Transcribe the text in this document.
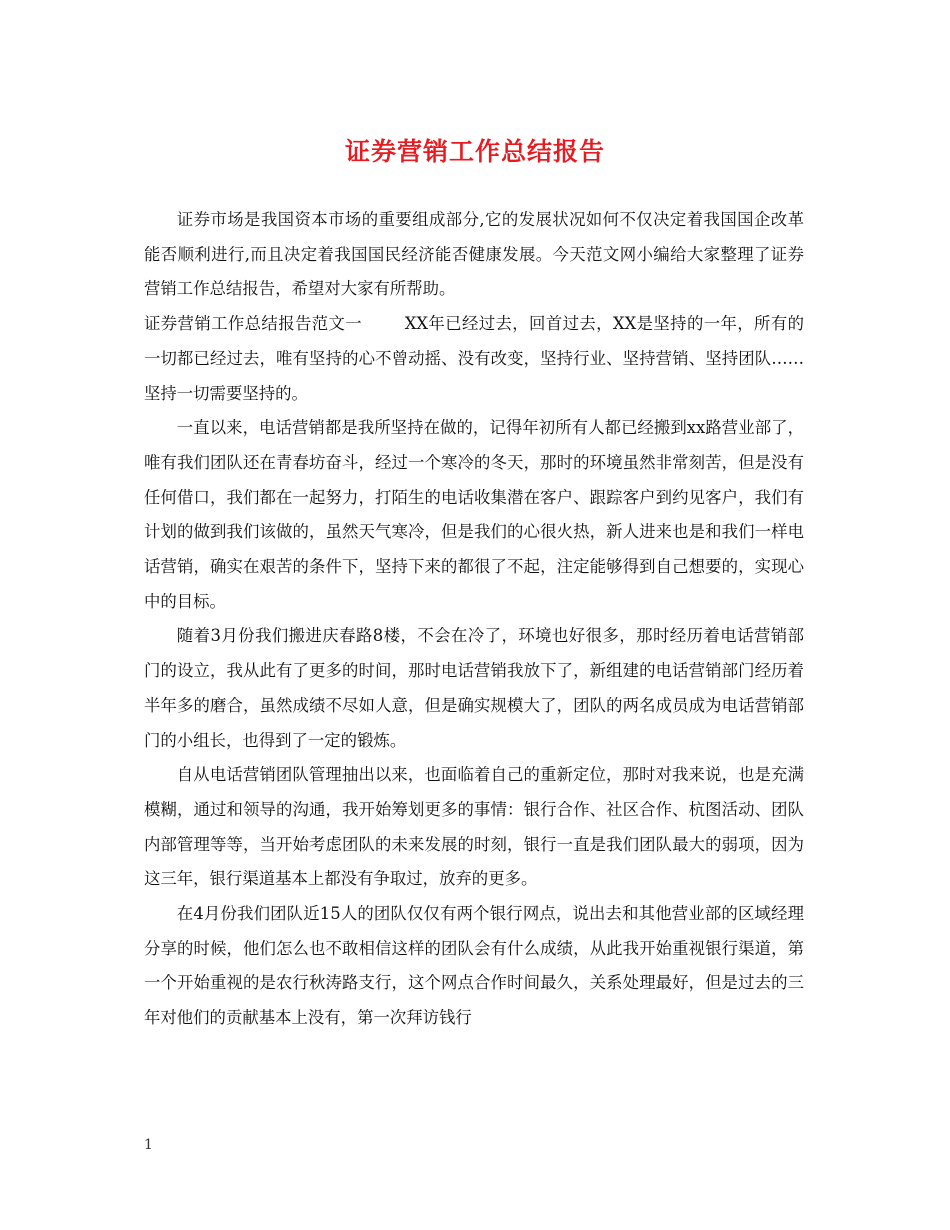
证券营销工作总结报告

证券市场是我国资本市场的重要组成部分,它的发展状况如何不仅决定着我国国企改革能否顺利进行,而且决定着我国国民经济能否健康发展。今天范文网小编给大家整理了证券营销工作总结报告，希望对大家有所帮助。

证券营销工作总结报告范文一	XX年已经过去，回首过去，XX是坚持的一年，所有的一切都已经过去，唯有坚持的心不曾动摇、没有改变，坚持行业、坚持营销、坚持团队……坚持一切需要坚持的。

一直以来，电话营销都是我所坚持在做的，记得年初所有人都已经搬到xx路营业部了，唯有我们团队还在青春坊奋斗，经过一个寒冷的冬天，那时的环境虽然非常刻苦，但是没有任何借口，我们都在一起努力，打陌生的电话收集潜在客户、跟踪客户到约见客户，我们有计划的做到我们该做的，虽然天气寒冷，但是我们的心很火热，新人进来也是和我们一样电话营销，确实在艰苦的条件下，坚持下来的都很了不起，注定能够得到自己想要的，实现心中的目标。

随着3月份我们搬进庆春路8楼，不会在冷了，环境也好很多，那时经历着电话营销部门的设立，我从此有了更多的时间，那时电话营销我放下了，新组建的电话营销部门经历着半年多的磨合，虽然成绩不尽如人意，但是确实规模大了，团队的两名成员成为电话营销部门的小组长，也得到了一定的锻炼。

自从电话营销团队管理抽出以来，也面临着自己的重新定位，那时对我来说，也是充满模糊，通过和领导的沟通，我开始筹划更多的事情：银行合作、社区合作、杭图活动、团队内部管理等等，当开始考虑团队的未来发展的时刻，银行一直是我们团队最大的弱项，因为这三年，银行渠道基本上都没有争取过，放弃的更多。

在4月份我们团队近15人的团队仅仅有两个银行网点，说出去和其他营业部的区域经理分享的时候，他们怎么也不敢相信这样的团队会有什么成绩，从此我开始重视银行渠道，第一个开始重视的是农行秋涛路支行，这个网点合作时间最久，关系处理最好，但是过去的三年对他们的贡献基本上没有，第一次拜访钱行

1
